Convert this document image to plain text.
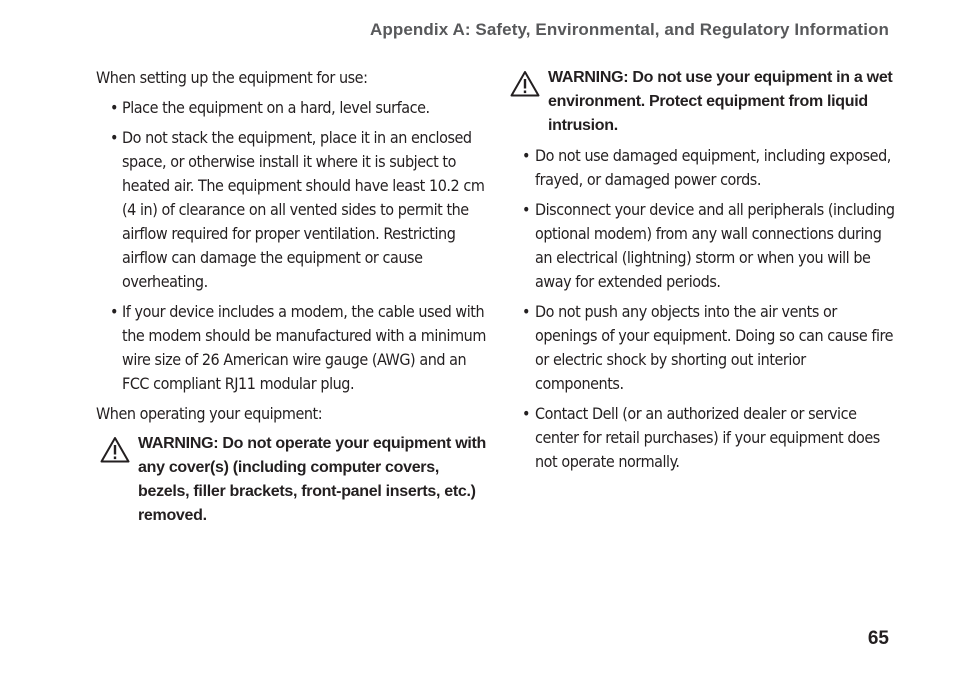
Appendix A: Safety, Environmental, and Regulatory Information

When setting up the equipment for use:

• Place the equipment on a hard, level surface.
• Do not stack the equipment, place it in an enclosed space, or otherwise install it where it is subject to heated air. The equipment should have least 10.2 cm (4 in) of clearance on all vented sides to permit the airflow required for proper ventilation. Restricting airflow can damage the equipment or cause overheating.
• If your device includes a modem, the cable used with the modem should be manufactured with a minimum wire size of 26 American wire gauge (AWG) and an FCC compliant RJ11 modular plug.

When operating your equipment:

WARNING: Do not operate your equipment with any cover(s) (including computer covers, bezels, filler brackets, front-panel inserts, etc.) removed.
WARNING: Do not use your equipment in a wet environment. Protect equipment from liquid intrusion.
• Do not use damaged equipment, including exposed, frayed, or damaged power cords.
• Disconnect your device and all peripherals (including optional modem) from any wall connections during an electrical (lightning) storm or when you will be away for extended periods.
• Do not push any objects into the air vents or openings of your equipment. Doing so can cause fire or electric shock by shorting out interior components.
• Contact Dell (or an authorized dealer or service center for retail purchases) if your equipment does not operate normally.
65
